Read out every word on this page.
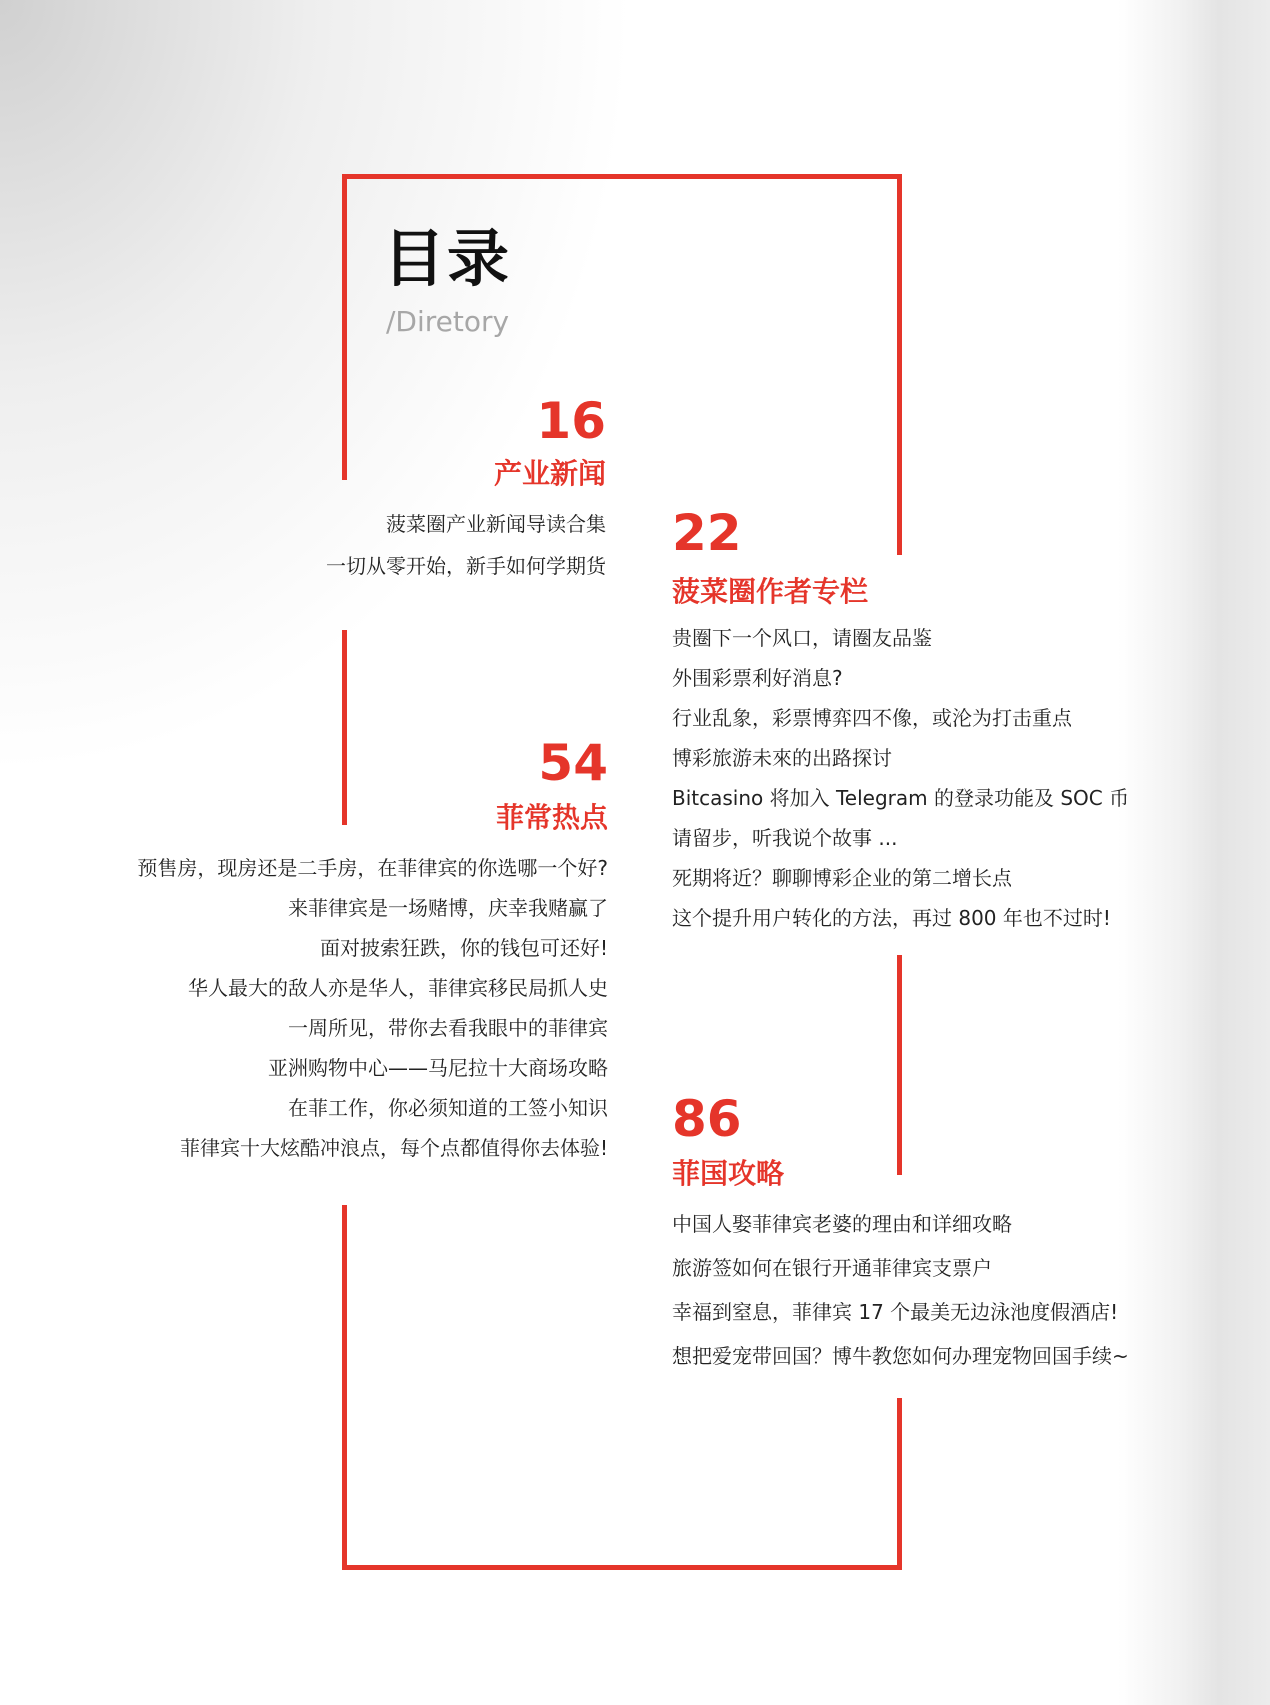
目录
/Diretory
16
产业新闻
菠菜圈产业新闻导读合集
一切从零开始，新手如何学期货
22
菠菜圈作者专栏
贵圈下一个风口，请圈友品鉴
外围彩票利好消息?
行业乱象，彩票博弈四不像，或沦为打击重点
博彩旅游未來的出路探讨
Bitcasino 将加入 Telegram 的登录功能及 SOC 币
请留步，听我说个故事 ...
死期将近？聊聊博彩企业的第二增长点
这个提升用户转化的方法，再过 800 年也不过时!
54
菲常热点
预售房，现房还是二手房，在菲律宾的你选哪一个好?
来菲律宾是一场赌博，庆幸我赌赢了
面对披索狂跌，你的钱包可还好!
华人最大的敌人亦是华人，菲律宾移民局抓人史
一周所见，带你去看我眼中的菲律宾
亚洲购物中心——马尼拉十大商场攻略
在菲工作，你必须知道的工签小知识
菲律宾十大炫酷冲浪点，每个点都值得你去体验! 86
菲国攻略
中国人娶菲律宾老婆的理由和详细攻略
旅游签如何在银行开通菲律宾支票户
幸福到窒息，菲律宾 17 个最美无边泳池度假酒店!
想把爱宠带回国？博牛教您如何办理宠物回国手续~
